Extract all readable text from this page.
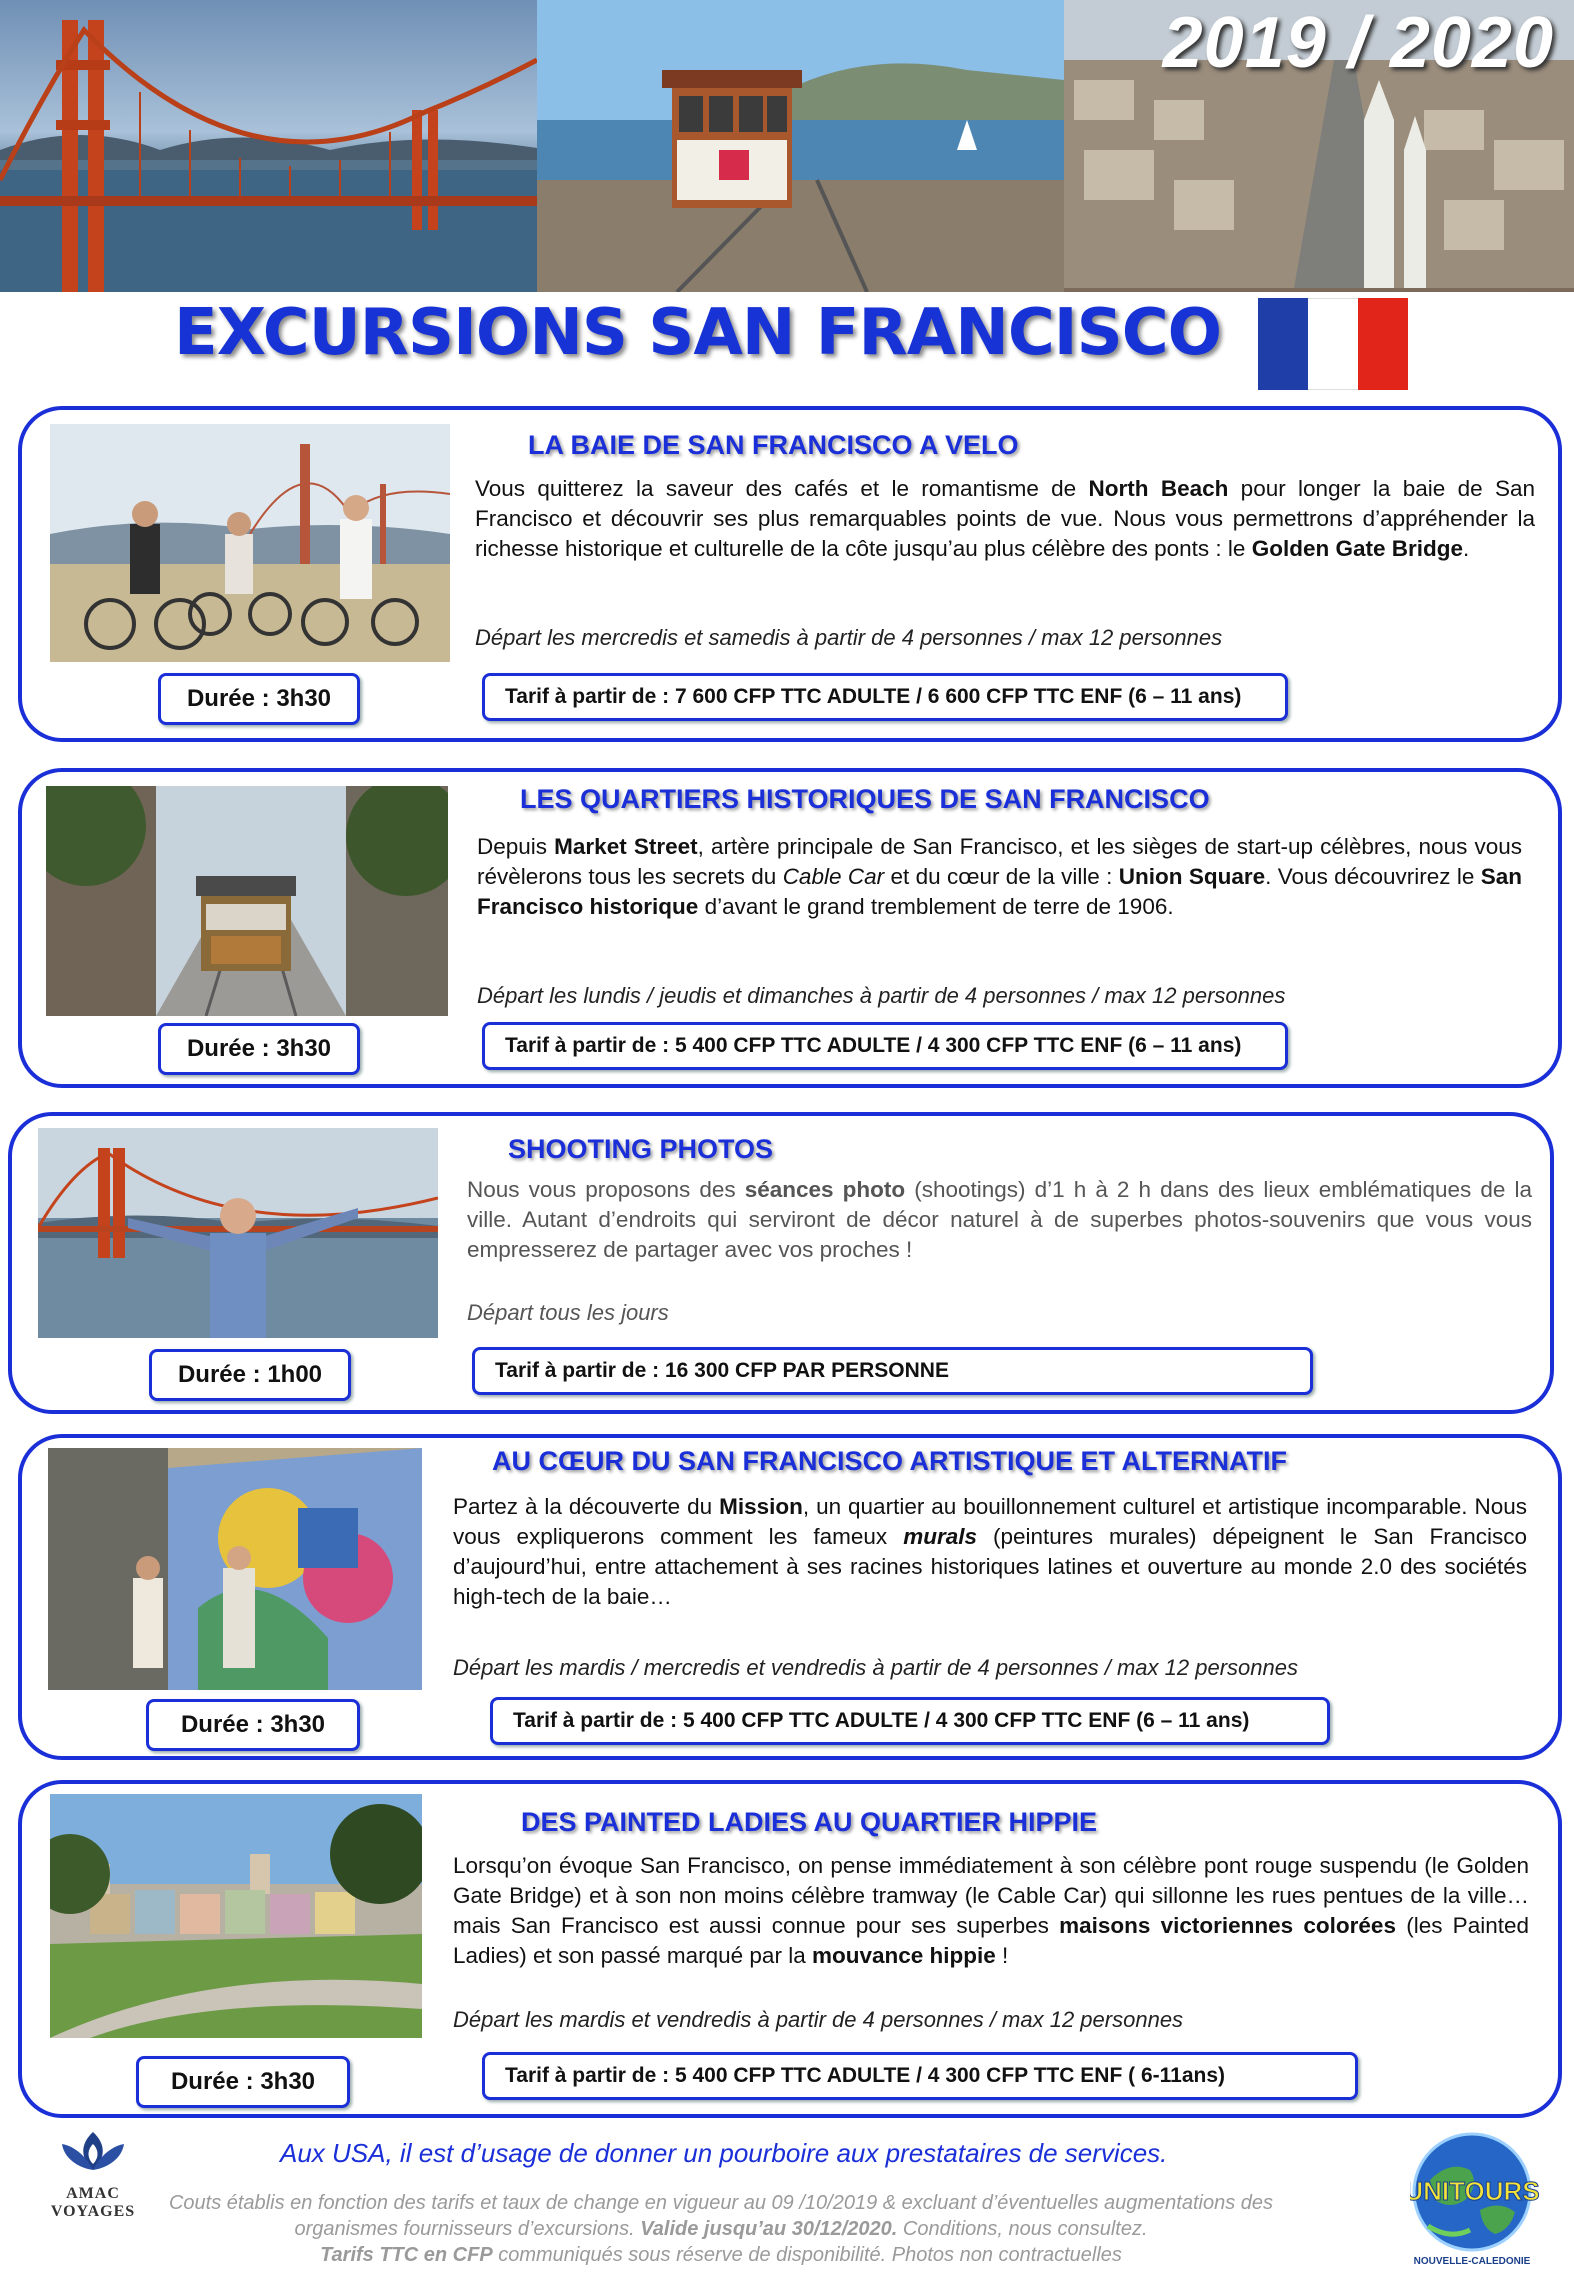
2019 / 2020
EXCURSIONS SAN FRANCISCO
LA BAIE DE SAN FRANCISCO A VELO
Vous quitterez la saveur des cafés et le romantisme de North Beach pour longer la baie de San Francisco et découvrir ses plus remarquables points de vue. Nous vous permettrons d’appréhender la richesse historique et culturelle de la côte jusqu’au plus célèbre des ponts : le Golden Gate Bridge.
Départ les mercredis et samedis à partir de 4 personnes / max 12 personnes
Durée : 3h30	Tarif à partir de : 7 600 CFP TTC ADULTE / 6 600 CFP TTC ENF (6 – 11 ans)
LES QUARTIERS HISTORIQUES DE SAN FRANCISCO
Depuis Market Street, artère principale de San Francisco, et les sièges de start-up célèbres, nous vous révèlerons tous les secrets du Cable Car et du cœur de la ville : Union Square. Vous découvrirez le San Francisco historique d’avant le grand tremblement de terre de 1906.
Départ les lundis / jeudis et dimanches à partir de 4 personnes / max 12 personnes
Durée : 3h30	Tarif à partir de : 5 400 CFP TTC ADULTE / 4 300 CFP TTC ENF (6 – 11 ans)
SHOOTING PHOTOS
Nous vous proposons des séances photo (shootings) d’1 h à 2 h dans des lieux emblématiques de la ville. Autant d’endroits qui serviront de décor naturel à de superbes photos-souvenirs que vous vous empresserez de partager avec vos proches !
Départ tous les jours
Durée : 1h00	Tarif à partir de : 16 300 CFP PAR PERSONNE
AU CŒUR DU SAN FRANCISCO ARTISTIQUE ET ALTERNATIF
Partez à la découverte du Mission, un quartier au bouillonnement culturel et artistique incomparable. Nous vous expliquerons comment les fameux murals (peintures murales) dépeignent le San Francisco d’aujourd’hui, entre attachement à ses racines historiques latines et ouverture au monde 2.0 des sociétés high-tech de la baie…
Départ les mardis / mercredis et vendredis à partir de 4 personnes / max 12 personnes
Durée : 3h30	Tarif à partir de : 5 400 CFP TTC ADULTE / 4 300 CFP TTC ENF (6 – 11 ans)
DES PAINTED LADIES AU QUARTIER HIPPIE
Lorsqu’on évoque San Francisco, on pense immédiatement à son célèbre pont rouge suspendu (le Golden Gate Bridge) et à son non moins célèbre tramway (le Cable Car) qui sillonne les rues pentues de la ville… mais San Francisco est aussi connue pour ses superbes maisons victoriennes colorées (les Painted Ladies) et son passé marqué par la mouvance hippie !
Départ les mardis et vendredis à partir de 4 personnes / max 12 personnes
Durée : 3h30	Tarif à partir de : 5 400 CFP TTC ADULTE / 4 300 CFP TTC ENF ( 6-11ans)
AMAC VOYAGES
Aux USA, il est d’usage de donner un pourboire aux prestataires de services.
Couts établis en fonction des tarifs et taux de change en vigueur au 09 /10/2019 & excluant d’éventuelles augmentations des
organismes fournisseurs d’excursions. Valide jusqu’au 30/12/2020. Conditions, nous consultez.
Tarifs TTC en CFP communiqués sous réserve de disponibilité. Photos non contractuelles
UNITOURS
NOUVELLE-CALEDONIE
